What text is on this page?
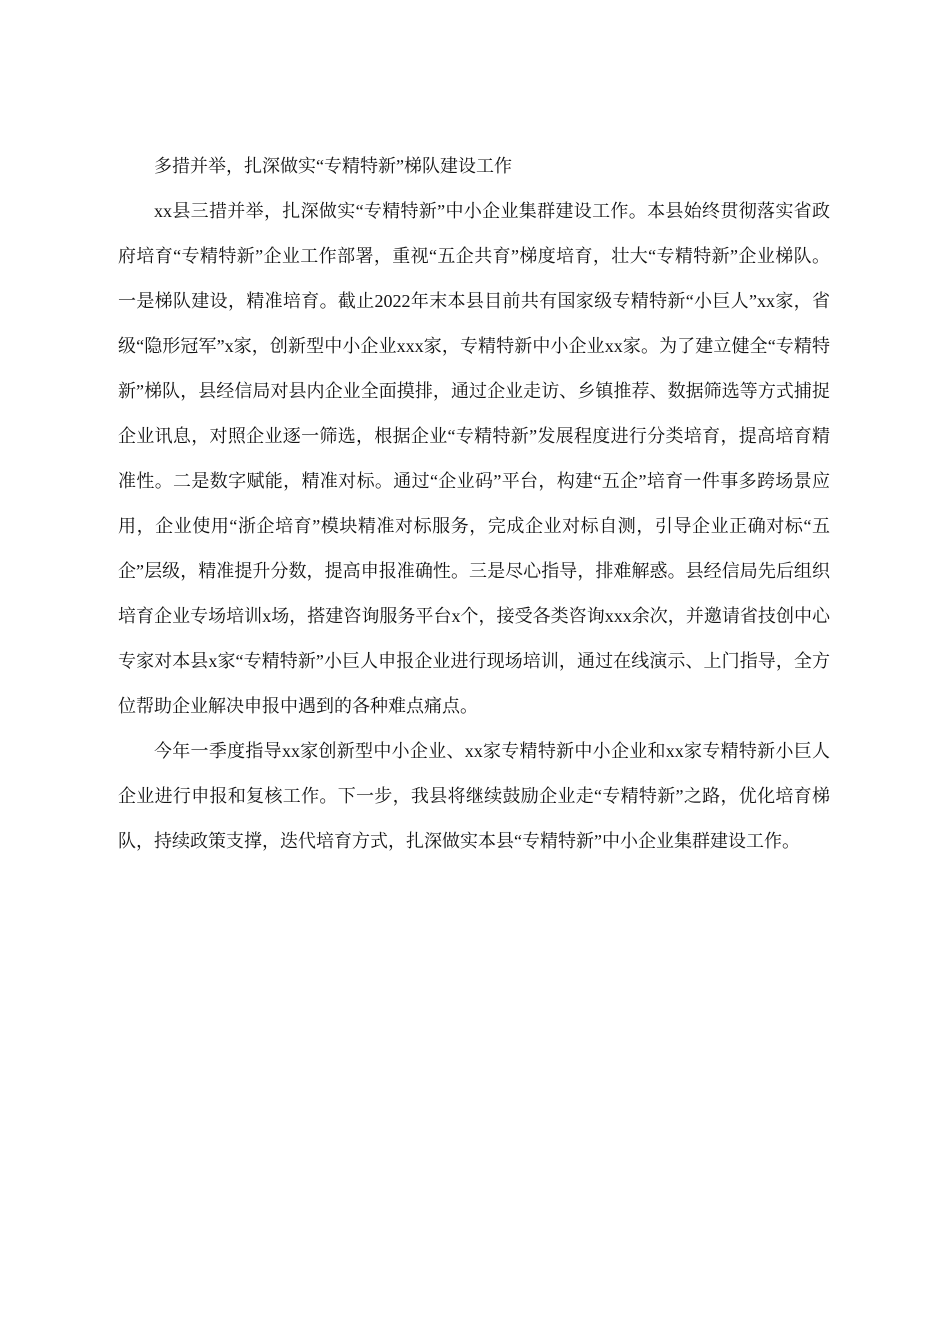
多措并举，扎深做实“专精特新”梯队建设工作

xx县三措并举，扎深做实“专精特新”中小企业集群建设工作。本县始终贯彻落实省政府培育“专精特新”企业工作部署，重视“五企共育”梯度培育，壮大“专精特新”企业梯队。一是梯队建设，精准培育。截止2022年末本县目前共有国家级专精特新“小巨人”xx家，省级“隐形冠军”x家，创新型中小企业xxx家，专精特新中小企业xx家。为了建立健全“专精特新”梯队，县经信局对县内企业全面摸排，通过企业走访、乡镇推荐、数据筛选等方式捕捉企业讯息，对照企业逐一筛选，根据企业“专精特新”发展程度进行分类培育，提高培育精准性。二是数字赋能，精准对标。通过“企业码”平台，构建“五企”培育一件事多跨场景应用，企业使用“浙企培育”模块精准对标服务，完成企业对标自测，引导企业正确对标“五企”层级，精准提升分数，提高申报准确性。三是尽心指导，排难解惑。县经信局先后组织培育企业专场培训x场，搭建咨询服务平台x个，接受各类咨询xxx余次，并邀请省技创中心专家对本县x家“专精特新”小巨人申报企业进行现场培训，通过在线演示、上门指导，全方位帮助企业解决申报中遇到的各种难点痛点。

今年一季度指导xx家创新型中小企业、xx家专精特新中小企业和xx家专精特新小巨人企业进行申报和复核工作。下一步，我县将继续鼓励企业走“专精特新”之路，优化培育梯队，持续政策支撑，迭代培育方式，扎深做实本县“专精特新”中小企业集群建设工作。
